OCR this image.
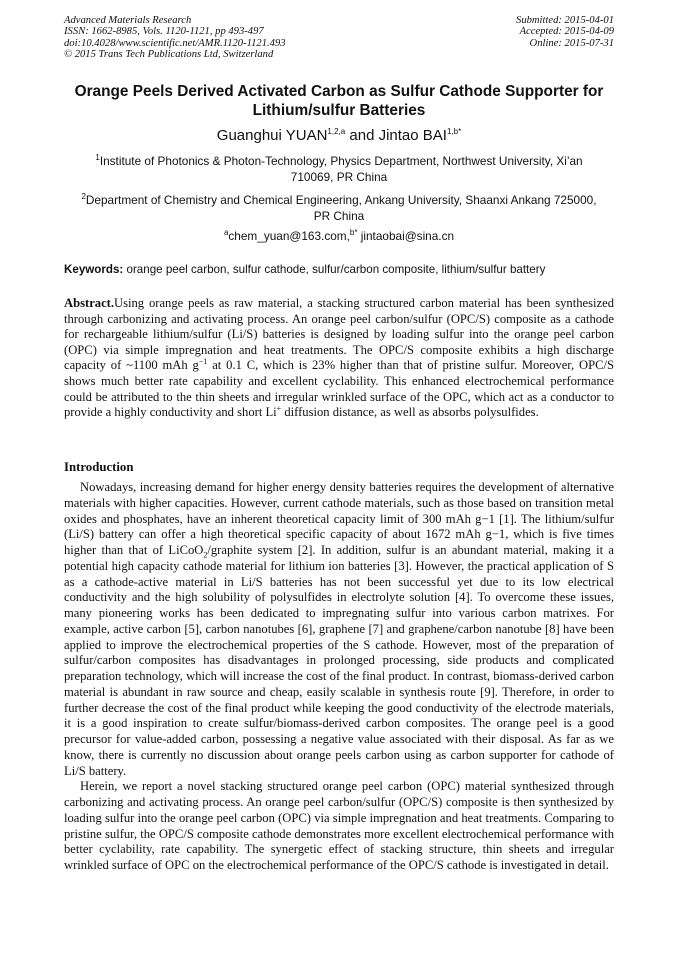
Advanced Materials Research
ISSN: 1662-8985, Vols. 1120-1121, pp 493-497
doi:10.4028/www.scientific.net/AMR.1120-1121.493
© 2015 Trans Tech Publications Ltd, Switzerland
Submitted: 2015-04-01
Accepted: 2015-04-09
Online: 2015-07-31
Orange Peels Derived Activated Carbon as Sulfur Cathode Supporter for
Lithium/sulfur Batteries
Guanghui YUAN$^{1,2,a}$ and Jintao $BAI^{1,b*}$
$^1$Institute of Photonics & Photon-Technology, Physics Department, Northwest University, Xi’an
710069, PR China
$^2$Department of Chemistry and Chemical Engineering, Ankang University, Shaanxi Ankang 725000,
PR China
$^a$chem_yuan@163.com,$^{b*}$ jintaobai@sina.cn
Keywords: orange peel carbon, sulfur cathode, sulfur/carbon composite, lithium/sulfur battery
Abstract.Using orange peels as raw material, a stacking structured carbon material has been synthesized through carbonizing and activating process. An orange peel carbon/sulfur (OPC/S) composite as a cathode for rechargeable lithium/sulfur (Li/S) batteries is designed by loading sulfur into the orange peel carbon (OPC) via simple impregnation and heat treatments. The OPC/S composite exhibits a high discharge capacity of ~1100 mAh $g^{-1}$ at 0.1 C, which is 23% higher than that of pristine sulfur. Moreover, OPC/S shows much better rate capability and excellent cyclability. This enhanced electrochemical performance could be attributed to the thin sheets and irregular wrinkled surface of the OPC, which act as a conductor to provide a highly conductivity and short Li+ diffusion distance, as well as absorbs polysulfides.
Introduction

Nowadays, increasing demand for higher energy density batteries requires the development of alternative materials with higher capacities. However, current cathode materials, such as those based on transition metal oxides and phosphates, have an inherent theoretical capacity limit of 300 mAh g−1 [1]. The lithium/sulfur (Li/S) battery can offer a high theoretical specific capacity of about 1672 mAh g−1, which is five times higher than that of LiCoO$_2$/graphite system [2]. In addition, sulfur is an abundant material, making it a potential high capacity cathode material for lithium ion batteries [3]. However, the practical application of S as a cathode-active material in Li/S batteries has not been successful yet due to its low electrical conductivity and the high solubility of polysulfides in electrolyte solution [4]. To overcome these issues, many pioneering works has been dedicated to impregnating sulfur into various carbon matrixes. For example, active carbon [5], carbon nanotubes [6], graphene [7] and graphene/carbon nanotube [8] have been applied to improve the electrochemical properties of the S cathode. However, most of the preparation of sulfur/carbon composites has disadvantages in prolonged processing, side products and complicated preparation technology, which will increase the cost of the final product. In contrast, biomass-derived carbon material is abundant in raw source and cheap, easily scalable in synthesis route [9]. Therefore, in order to further decrease the cost of the final product while keeping the good conductivity of the electrode materials, it is a good inspiration to create sulfur/biomass-derived carbon composites. The orange peel is a good precursor for value-added carbon, possessing a negative value associated with their disposal. As far as we know, there is currently no discussion about orange peels carbon using as carbon supporter for cathode of Li/S battery.

Herein, we report a novel stacking structured orange peel carbon (OPC) material synthesized through carbonizing and activating process. An orange peel carbon/sulfur (OPC/S) composite is then synthesized by loading sulfur into the orange peel carbon (OPC) via simple impregnation and heat treatments. Comparing to pristine sulfur, the OPC/S composite cathode demonstrates more excellent electrochemical performance with better cyclability, rate capability. The synergetic effect of stacking structure, thin sheets and irregular wrinkled surface of OPC on the electrochemical performance of the OPC/S cathode is investigated in detail.
